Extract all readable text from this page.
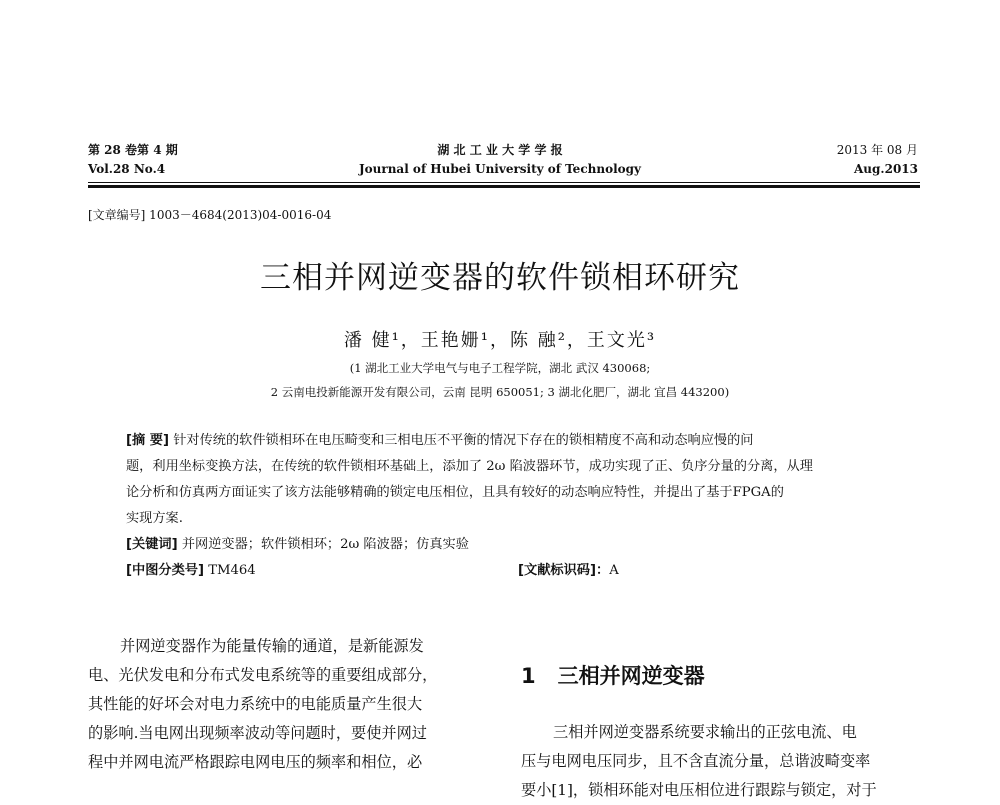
第 28 卷第 4 期
Vol.28 No.4
湖 北 工 业 大 学 学 报
Journal of Hubei University of Technology
2013 年 08 月
Aug.2013
[文章编号] 1003－4684(2013)04-0016-04
三相并网逆变器的软件锁相环研究
潘 健¹，王艳姗¹，陈 融²，王文光³
(1 湖北工业大学电气与电子工程学院，湖北 武汉 430068;
2 云南电投新能源开发有限公司，云南 昆明 650051; 3 湖北化肥厂，湖北 宜昌 443200)
[摘 要] 针对传统的软件锁相环在电压畸变和三相电压不平衡的情况下存在的锁相精度不高和动态响应慢的问
题，利用坐标变换方法，在传统的软件锁相环基础上，添加了 2ω 陷波器环节，成功实现了正、负序分量的分离，从理
论分析和仿真两方面证实了该方法能够精确的锁定电压相位，且具有较好的动态响应特性，并提出了基于FPGA的
实现方案.
[关键词] 并网逆变器；软件锁相环；2ω 陷波器；仿真实验
[中图分类号] TM464	[文献标识码]：A
并网逆变器作为能量传输的通道，是新能源发
电、光伏发电和分布式发电系统等的重要组成部分，
其性能的好坏会对电力系统中的电能质量产生很大
的影响.当电网出现频率波动等问题时，要使并网过
程中并网电流严格跟踪电网电压的频率和相位，必
1 三相并网逆变器
三相并网逆变器系统要求输出的正弦电流、电
压与电网电压同步，且不含直流分量，总谐波畸变率
要小[1]，锁相环能对电压相位进行跟踪与锁定，对于
